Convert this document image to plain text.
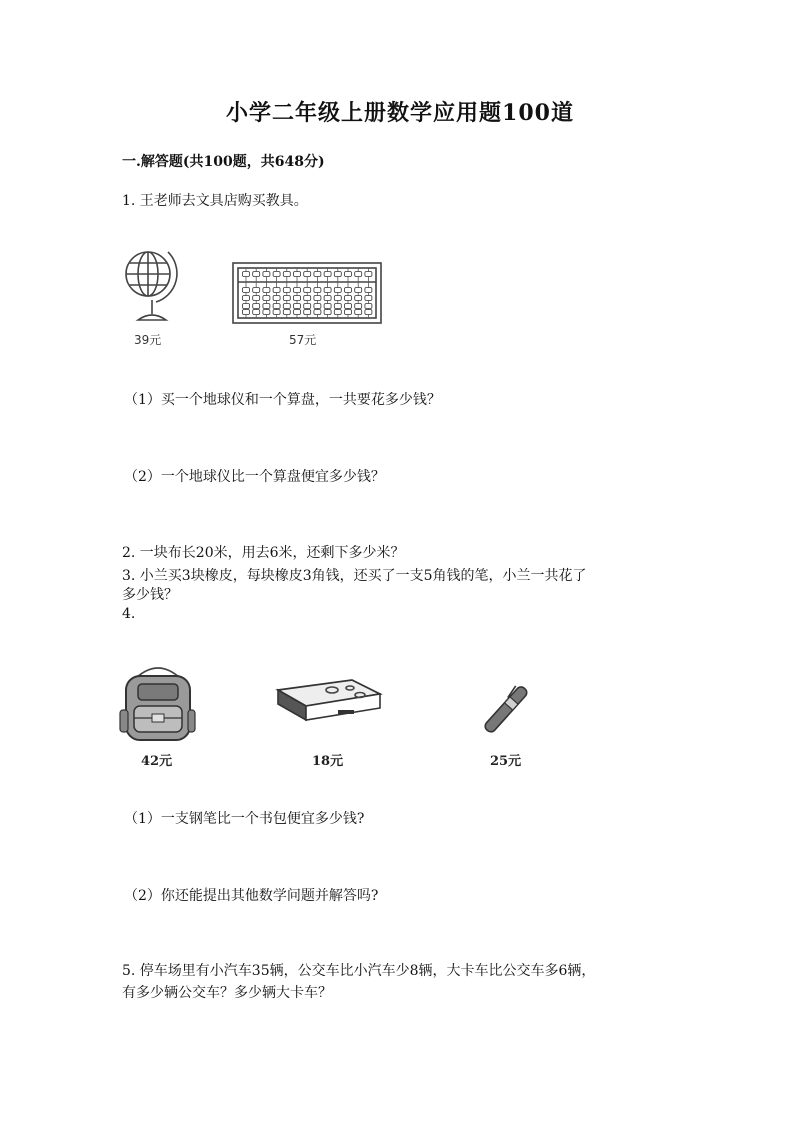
小学二年级上册数学应用题100道
一.解答题(共100题，共648分)
1. 王老师去文具店购买教具。
39元	57元
（1）买一个地球仪和一个算盘，一共要花多少钱？
（2）一个地球仪比一个算盘便宜多少钱？
2. 一块布长20米，用去6米，还剩下多少米？
3. 小兰买3块橡皮，每块橡皮3角钱，还买了一支5角钱的笔，小兰一共花了
多少钱？
4.
42元	18元	25元
（1）一支钢笔比一个书包便宜多少钱?
（2）你还能提出其他数学问题并解答吗?
5. 停车场里有小汽车35辆，公交车比小汽车少8辆，大卡车比公交车多6辆，
有多少辆公交车？多少辆大卡车？
